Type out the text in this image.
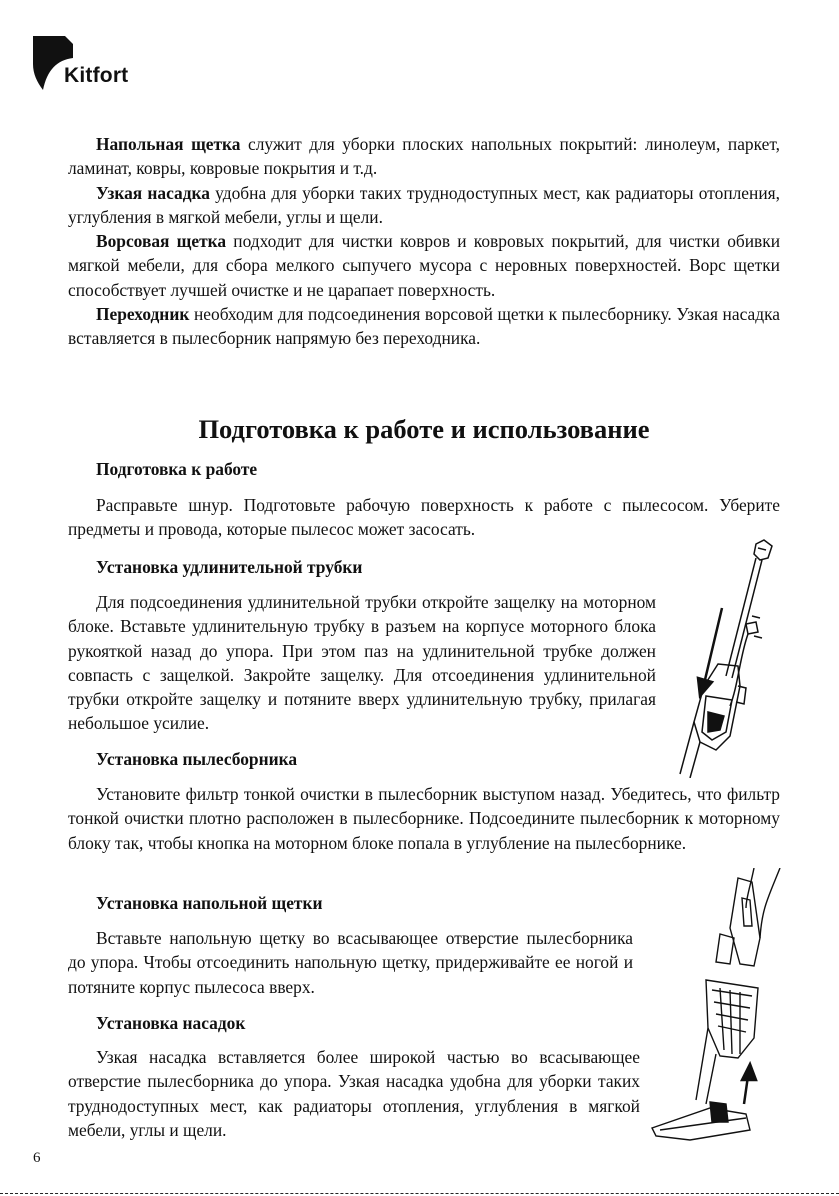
Kitfort

Напольная щетка служит для уборки плоских напольных покрытий: линолеум, паркет, ламинат, ковры, ковровые покрытия и т.д.

Узкая насадка удобна для уборки таких труднодоступных мест, как радиаторы отопления, углубления в мягкой мебели, углы и щели.

Ворсовая щетка подходит для чистки ковров и ковровых покрытий, для чистки обивки мягкой мебели, для сбора мелкого сыпучего мусора с неровных поверхностей. Ворс щетки способствует лучшей очистке и не царапает поверхность.

Переходник необходим для подсоединения ворсовой щетки к пылесборнику. Узкая насадка вставляется в пылесборник напрямую без переходника.

Подготовка к работе и использование
Подготовка к работе

Расправьте шнур. Подготовьте рабочую поверхность к работе с пылесосом. Уберите предметы и провода, которые пылесос может засосать.

Установка удлинительной трубки

Для подсоединения удлинительной трубки откройте защелку на моторном блоке. Вставьте удлинительную трубку в разъем на корпусе моторного блока рукояткой назад до упора. При этом паз на удлинительной трубке должен совпасть с защелкой. Закройте защелку. Для отсоединения удлинительной трубки откройте защелку и потяните вверх удлинительную трубку, прилагая небольшое усилие.

Установка пылесборника

Установите фильтр тонкой очистки в пылесборник выступом назад. Убедитесь, что фильтр тонкой очистки плотно расположен в пылесборнике. Подсоедините пылесборник к моторному блоку так, чтобы кнопка на моторном блоке попала в углубление на пылесборнике.

Установка напольной щетки

Вставьте напольную щетку во всасывающее отверстие пылесборника до упора. Чтобы отсоединить напольную щетку, придерживайте ее ногой и потяните корпус пылесоса вверх.

Установка насадок

Узкая насадка вставляется более широкой частью во всасывающее отверстие пылесборника до упора. Узкая насадка удобна для уборки таких труднодоступных мест, как радиаторы отопления, углубления в мягкой мебели, углы и щели.

6
